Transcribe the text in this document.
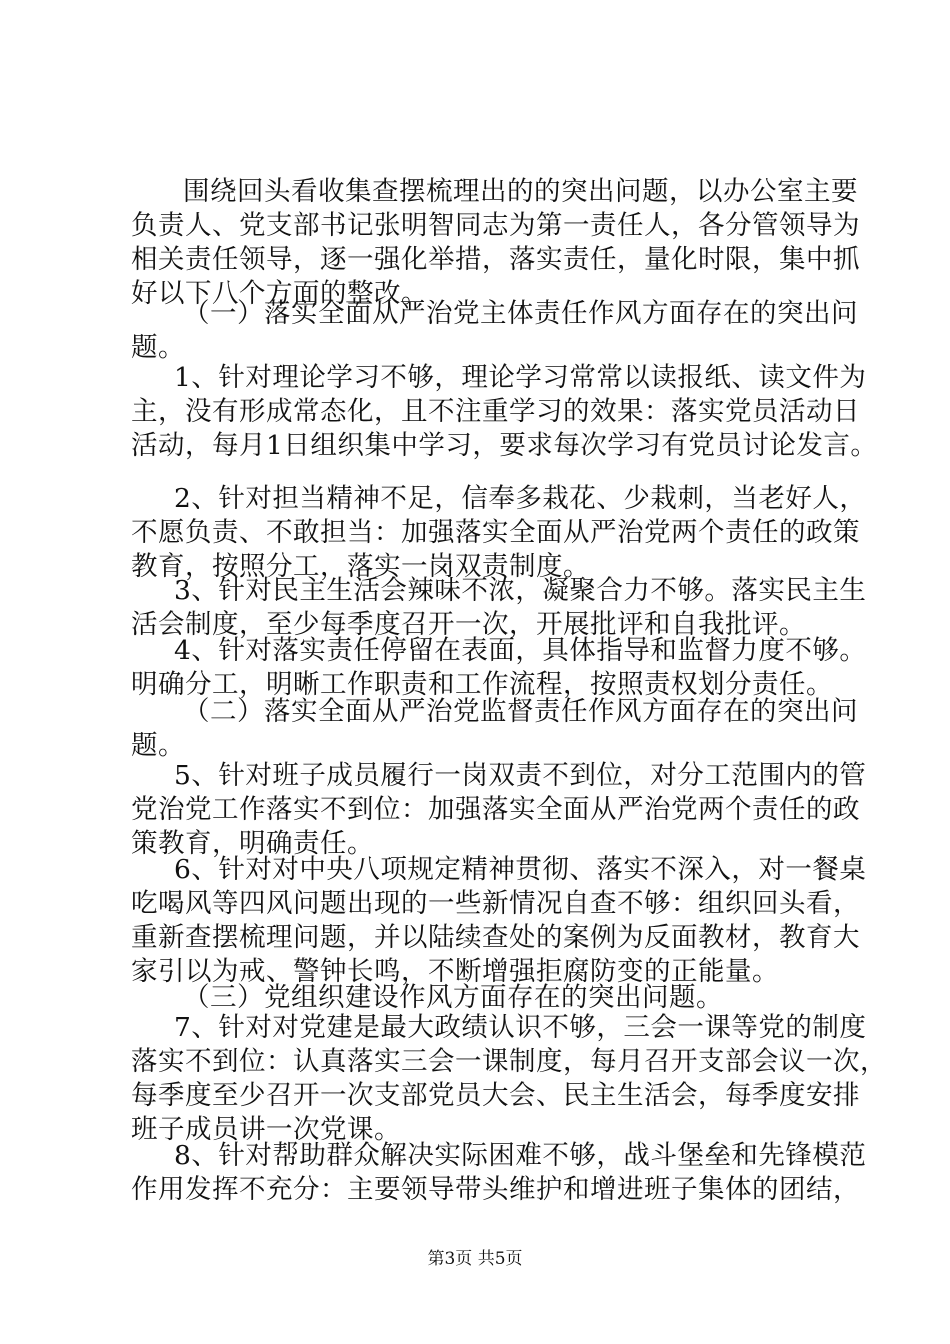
围绕回头看收集查摆梳理出的的突出问题，以办公室主要
负责人、党支部书记张明智同志为第一责任人，各分管领导为
相关责任领导，逐一强化举措，落实责任，量化时限，集中抓
好以下八个方面的整改。
（一）落实全面从严治党主体责任作风方面存在的突出问
题。
1、针对理论学习不够，理论学习常常以读报纸、读文件为
主，没有形成常态化，且不注重学习的效果：落实党员活动日
活动，每月1日组织集中学习，要求每次学习有党员讨论发言。
2、针对担当精神不足，信奉多栽花、少栽刺，当老好人，
不愿负责、不敢担当：加强落实全面从严治党两个责任的政策
教育，按照分工，落实一岗双责制度。
3、针对民主生活会辣味不浓，凝聚合力不够。落实民主生
活会制度，至少每季度召开一次，开展批评和自我批评。
4、针对落实责任停留在表面，具体指导和监督力度不够。
明确分工，明晰工作职责和工作流程，按照责权划分责任。
（二）落实全面从严治党监督责任作风方面存在的突出问
题。
5、针对班子成员履行一岗双责不到位，对分工范围内的管
党治党工作落实不到位：加强落实全面从严治党两个责任的政
策教育，明确责任。
6、针对对中央八项规定精神贯彻、落实不深入，对一餐桌
吃喝风等四风问题出现的一些新情况自查不够：组织回头看，
重新查摆梳理问题，并以陆续查处的案例为反面教材，教育大
家引以为戒、警钟长鸣，不断增强拒腐防变的正能量。
（三）党组织建设作风方面存在的突出问题。
7、针对对党建是最大政绩认识不够，三会一课等党的制度
落实不到位：认真落实三会一课制度，每月召开支部会议一次，
每季度至少召开一次支部党员大会、民主生活会，每季度安排
班子成员讲一次党课。
8、针对帮助群众解决实际困难不够，战斗堡垒和先锋模范
作用发挥不充分：主要领导带头维护和增进班子集体的团结，
第3页 共5页
